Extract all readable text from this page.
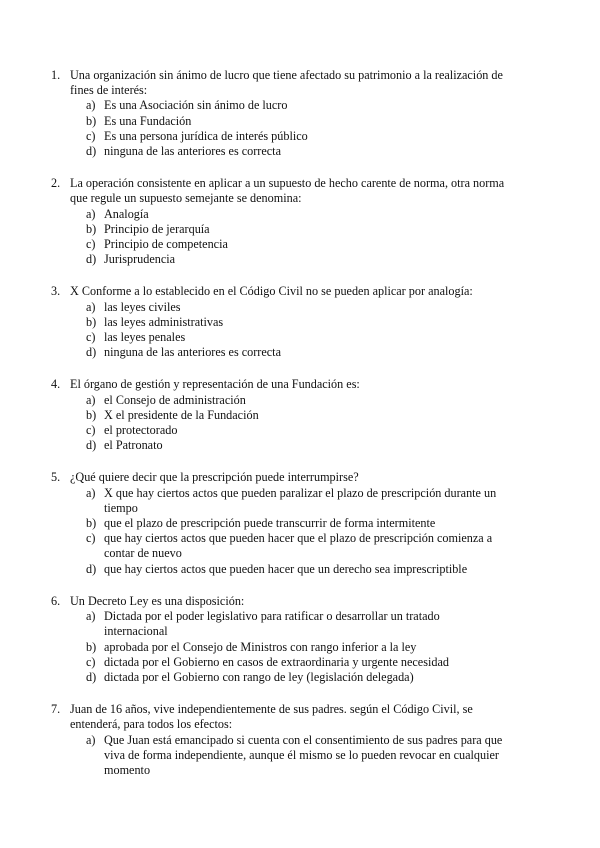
1. Una organización sin ánimo de lucro que tiene afectado su patrimonio a la realización de fines de interés:
a) Es una Asociación sin ánimo de lucro
b) Es una Fundación
c) Es una persona jurídica de interés público
d) ninguna de las anteriores es correcta
2. La operación consistente en aplicar a un supuesto de hecho carente de norma, otra norma que regule un supuesto semejante se denomina:
a) Analogía
b) Principio de jerarquía
c) Principio de competencia
d) Jurisprudencia
3. X Conforme a lo establecido en el Código Civil no se pueden aplicar por analogía:
a) las leyes civiles
b) las leyes administrativas
c) las leyes penales
d) ninguna de las anteriores es correcta
4. El órgano de gestión y representación de una Fundación es:
a) el Consejo de administración
b) X el presidente de la Fundación
c) el protectorado
d) el Patronato
5. ¿Qué quiere decir que la prescripción puede interrumpirse?
a) X que hay ciertos actos que pueden paralizar el plazo de prescripción durante un tiempo
b) que el plazo de prescripción puede transcurrir de forma intermitente
c) que hay ciertos actos que pueden hacer que el plazo de prescripción comienza a contar de nuevo
d) que hay ciertos actos que pueden hacer que un derecho sea imprescriptible
6. Un Decreto Ley es una disposición:
a) Dictada por el poder legislativo para ratificar o desarrollar un tratado internacional
b) aprobada por el Consejo de Ministros con rango inferior a la ley
c) dictada por el Gobierno en casos de extraordinaria y urgente necesidad
d) dictada por el Gobierno con rango de ley (legislación delegada)
7. Juan de 16 años, vive independientemente de sus padres. según el Código Civil, se entenderá, para todos los efectos:
a) Que Juan está emancipado si cuenta con el consentimiento de sus padres para que viva de forma independiente, aunque él mismo se lo pueden revocar en cualquier momento
